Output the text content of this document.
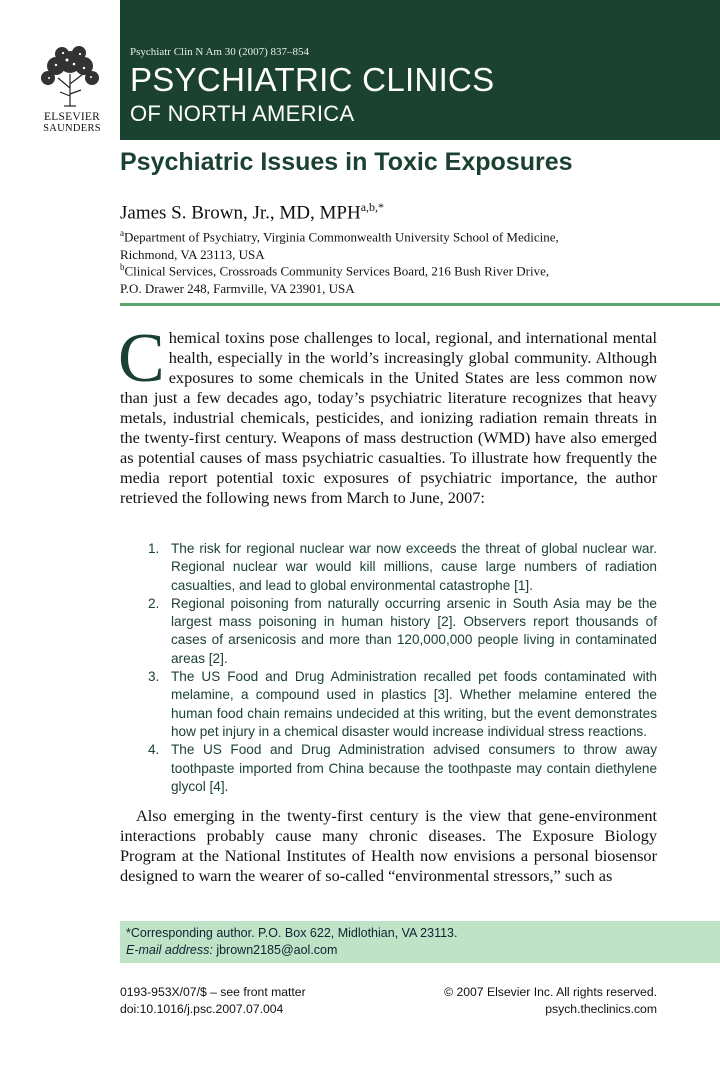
ELSEVIER
SAUNDERS
Psychiatr Clin N Am 30 (2007) 837–854
PSYCHIATRIC CLINICS
OF NORTH AMERICA
Psychiatric Issues in Toxic Exposures
James S. Brown, Jr., MD, $MPH^{a,b,*}$
$^a$Department of Psychiatry, Virginia Commonwealth University School of Medicine,
Richmond, VA 23113, USA
$^b$Clinical Services, Crossroads Community Services Board, 216 Bush River Drive,
P.O. Drawer 248, Farmville, VA 23901, USA
Chemical toxins pose challenges to local, regional, and international mental health, especially in the world’s increasingly global community. Although exposures to some chemicals in the United States are less common now than just a few decades ago, today’s psychiatric literature recognizes that heavy metals, industrial chemicals, pesticides, and ionizing radiation remain threats in the twenty-first century. Weapons of mass destruction (WMD) have also emerged as potential causes of mass psychiatric casualties. To illustrate how frequently the media report potential toxic exposures of psychiatric importance, the author retrieved the following news from March to June, 2007:
1. The risk for regional nuclear war now exceeds the threat of global nuclear war. Regional nuclear war would kill millions, cause large numbers of radiation casualties, and lead to global environmental catastrophe [1].
2. Regional poisoning from naturally occurring arsenic in South Asia may be the largest mass poisoning in human history [2]. Observers report thousands of cases of arsenicosis and more than 120,000,000 people living in contaminated areas [2].
3. The US Food and Drug Administration recalled pet foods contaminated with melamine, a compound used in plastics [3]. Whether melamine entered the human food chain remains undecided at this writing, but the event demonstrates how pet injury in a chemical disaster would increase individual stress reactions.
4. The US Food and Drug Administration advised consumers to throw away toothpaste imported from China because the toothpaste may contain diethylene glycol [4].
Also emerging in the twenty-first century is the view that gene-environment interactions probably cause many chronic diseases. The Exposure Biology Program at the National Institutes of Health now envisions a personal biosensor designed to warn the wearer of so-called “environmental stressors,” such as
*Corresponding author. P.O. Box 622, Midlothian, VA 23113.
E-mail address: jbrown2185@aol.com
0193-953X/07/$ – see front matter
doi:10.1016/j.psc.2007.07.004
© 2007 Elsevier Inc. All rights reserved.
psych.theclinics.com
